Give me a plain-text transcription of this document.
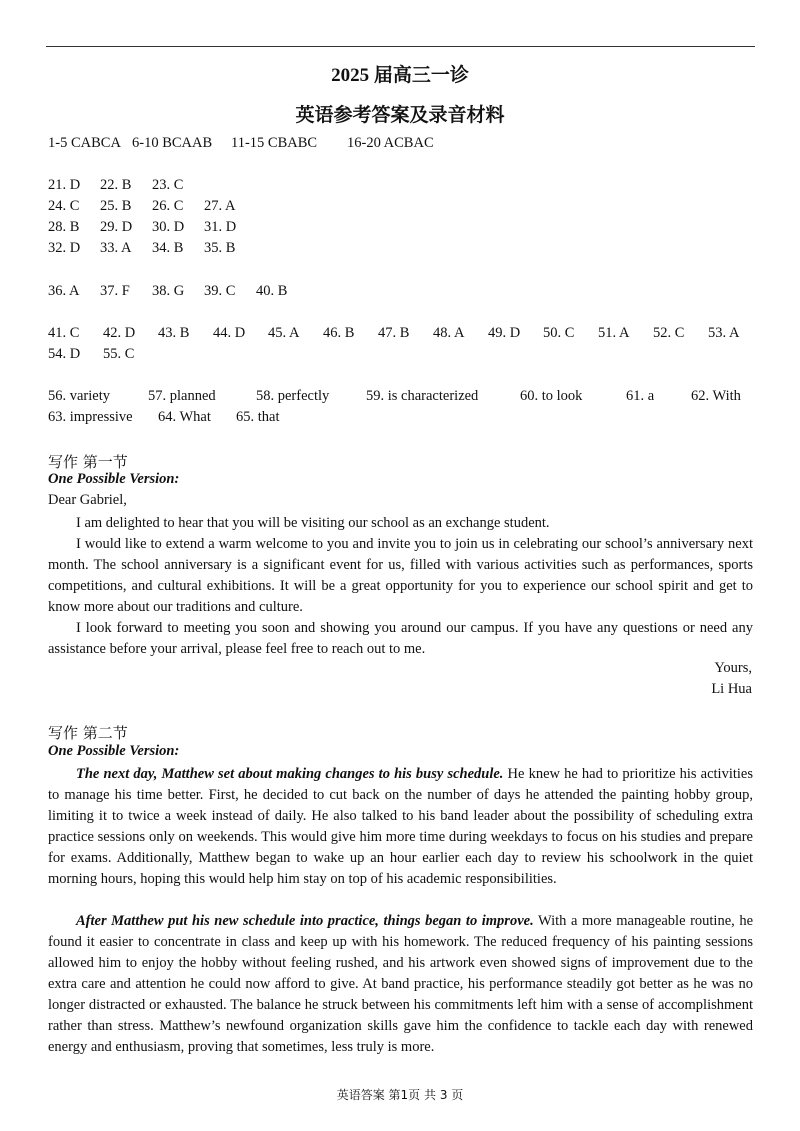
2025 届高三一诊
英语参考答案及录音材料
1-5 CABCA 6-10 BCAAB 11-15 CBABC 16-20 ACBAC
21. D 22. B 23. C
24. C 25. B 26. C 27. A
28. B 29. D 30. D 31. D
32. D 33. A 34. B 35. B
36. A 37. F 38. G 39. C 40. B
41. C 42. D 43. B 44. D 45. A 46. B 47. B 48. A 49. D 50. C 51. A 52. C 53. A
54. D 55. C
56. variety	57. planned	58. perfectly	59. is characterized	60. to look	61. a	62. With
63. impressive 64. What 65. that
写作 第一节
One Possible Version:
Dear Gabriel,

I am delighted to hear that you will be visiting our school as an exchange student.

I would like to extend a warm welcome to you and invite you to join us in celebrating our school’s anniversary next month. The school anniversary is a significant event for us, filled with various activities such as performances, sports competitions, and cultural exhibitions. It will be a great opportunity for you to experience our school spirit and get to know more about our traditions and culture.

I look forward to meeting you soon and showing you around our campus. If you have any questions or need any assistance before your arrival, please feel free to reach out to me.

Yours,
Li Hua
写作 第二节
One Possible Version:

The next day, Matthew set about making changes to his busy schedule. He knew he had to prioritize his activities to manage his time better. First, he decided to cut back on the number of days he attended the painting hobby group, limiting it to twice a week instead of daily. He also talked to his band leader about the possibility of scheduling extra practice sessions only on weekends. This would give him more time during weekdays to focus on his studies and prepare for exams. Additionally, Matthew began to wake up an hour earlier each day to review his schoolwork in the quiet morning hours, hoping this would help him stay on top of his academic responsibilities.

After Matthew put his new schedule into practice, things began to improve. With a more manageable routine, he found it easier to concentrate in class and keep up with his homework. The reduced frequency of his painting sessions allowed him to enjoy the hobby without feeling rushed, and his artwork even showed signs of improvement due to the extra care and attention he could now afford to give. At band practice, his performance steadily got better as he was no longer distracted or exhausted. The balance he struck between his commitments left him with a sense of accomplishment rather than stress. Matthew’s newfound organization skills gave him the confidence to tackle each day with renewed energy and enthusiasm, proving that sometimes, less truly is more.

英语答案 第1页 共 3 页
